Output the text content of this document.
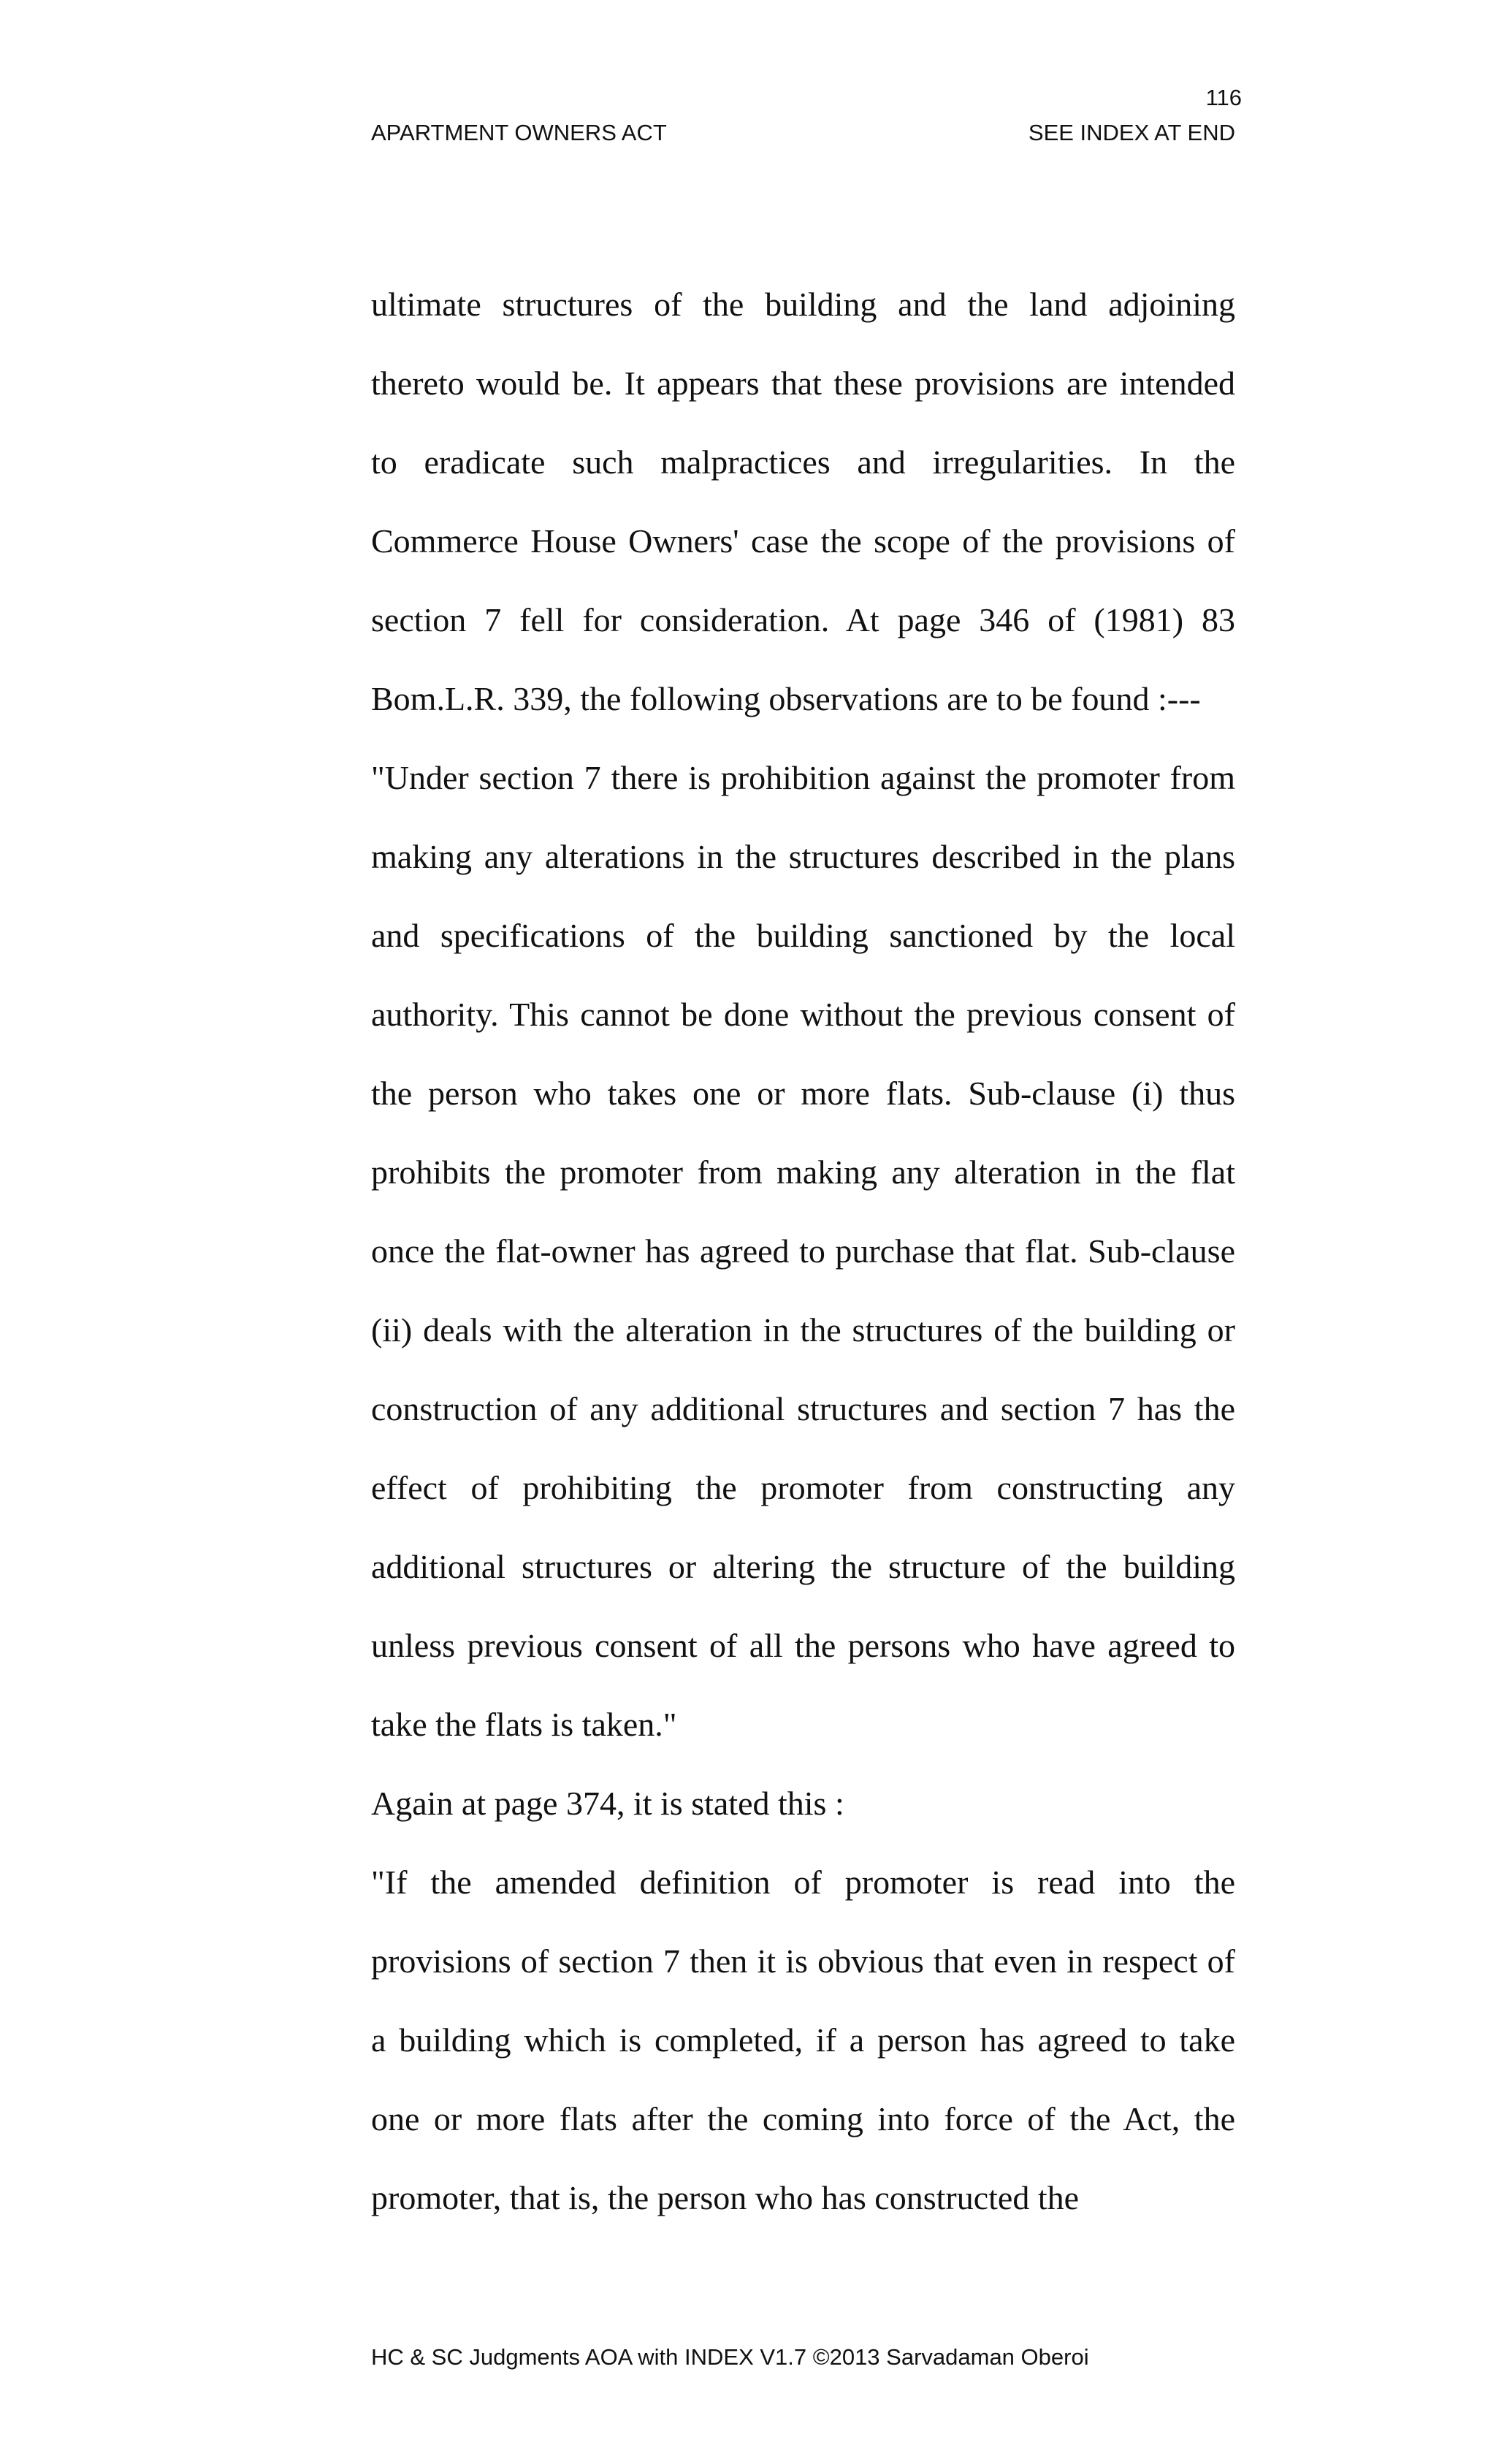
116
APARTMENT OWNERS ACT	SEE INDEX AT END

ultimate structures of the building and the land adjoining thereto would be. It appears that these provisions are intended to eradicate such malpractices and irregularities. In the Commerce House Owners' case the scope of the provisions of section 7 fell for consideration. At page 346 of (1981) 83 Bom.L.R. 339, the following observations are to be found :---

"Under section 7 there is prohibition against the promoter from making any alterations in the structures described in the plans and specifications of the building sanctioned by the local authority. This cannot be done without the previous consent of the person who takes one or more flats. Sub-clause (i) thus prohibits the promoter from making any alteration in the flat once the flat-owner has agreed to purchase that flat. Sub-clause (ii) deals with the alteration in the structures of the building or construction of any additional structures and section 7 has the effect of prohibiting the promoter from constructing any additional structures or altering the structure of the building unless previous consent of all the persons who have agreed to take the flats is taken."

Again at page 374, it is stated this :

"If the amended definition of promoter is read into the provisions of section 7 then it is obvious that even in respect of a building which is completed, if a person has agreed to take one or more flats after the coming into force of the Act, the promoter, that is, the person who has constructed the

HC & SC Judgments AOA with INDEX V1.7 ©2013 Sarvadaman Oberoi
